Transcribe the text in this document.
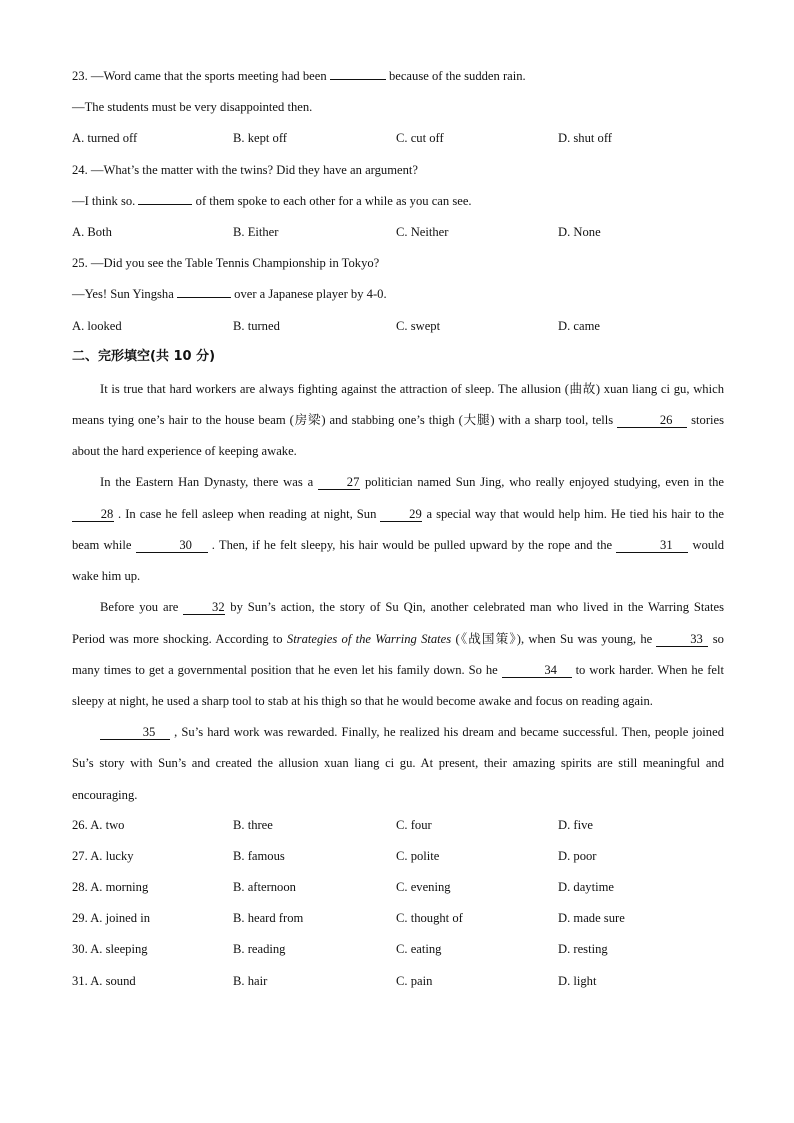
23. —Word came that the sports meeting had been	because of the sudden rain.
—The students must be very disappointed then.
A. turned off	B. kept off	C. cut off	D. shut off
24. —What’s the matter with the twins? Did they have an argument?
—I think so.	of them spoke to each other for a while as you can see.
A. Both	B. Either	C. Neither	D. None
25. —Did you see the Table Tennis Championship in Tokyo?
—Yes! Sun Yingsha	over a Japanese player by 4-0.
A. looked	B. turned	C. swept	D. came
二、完形填空(共 10 分)
It is true that hard workers are always fighting against the attraction of sleep. The allusion (曲故) xuan liang ci gu, which means tying one’s hair to the house beam (房梁) and stabbing one’s thigh (大腿) with a sharp tool, tells	26 stories about the hard experience of keeping awake.
In the Eastern Han Dynasty, there was a	27 politician named Sun Jing, who really enjoyed studying, even in the 28 . In case he fell asleep when reading at night, Sun	29 a special way that would help him. He tied his hair to the beam while	30 . Then, if he felt sleepy, his hair would be pulled upward by the rope and the	31 would wake him up.
Before you are	32 by Sun’s action, the story of Su Qin, another celebrated man who lived in the Warring States Period was more shocking. According to Strategies of the Warring States (《战国策》), when Su was young, he	33 so many times to get a governmental position that he even let his family down. So he	34 to work harder. When he felt sleepy at night, he used a sharp tool to stab at his thigh so that he would become awake and focus on reading again.
35 , Su’s hard work was rewarded. Finally, he realized his dream and became successful. Then, people joined Su’s story with Sun’s and created the allusion xuan liang ci gu. At present, their amazing spirits are still meaningful and encouraging.
26. A. two	B. three	C. four	D. five
27. A. lucky	B. famous	C. polite	D. poor
28. A. morning	B. afternoon	C. evening	D. daytime
29. A. joined in	B. heard from	C. thought of	D. made sure
30. A. sleeping	B. reading	C. eating	D. resting
31. A. sound	B. hair	C. pain	D. light
